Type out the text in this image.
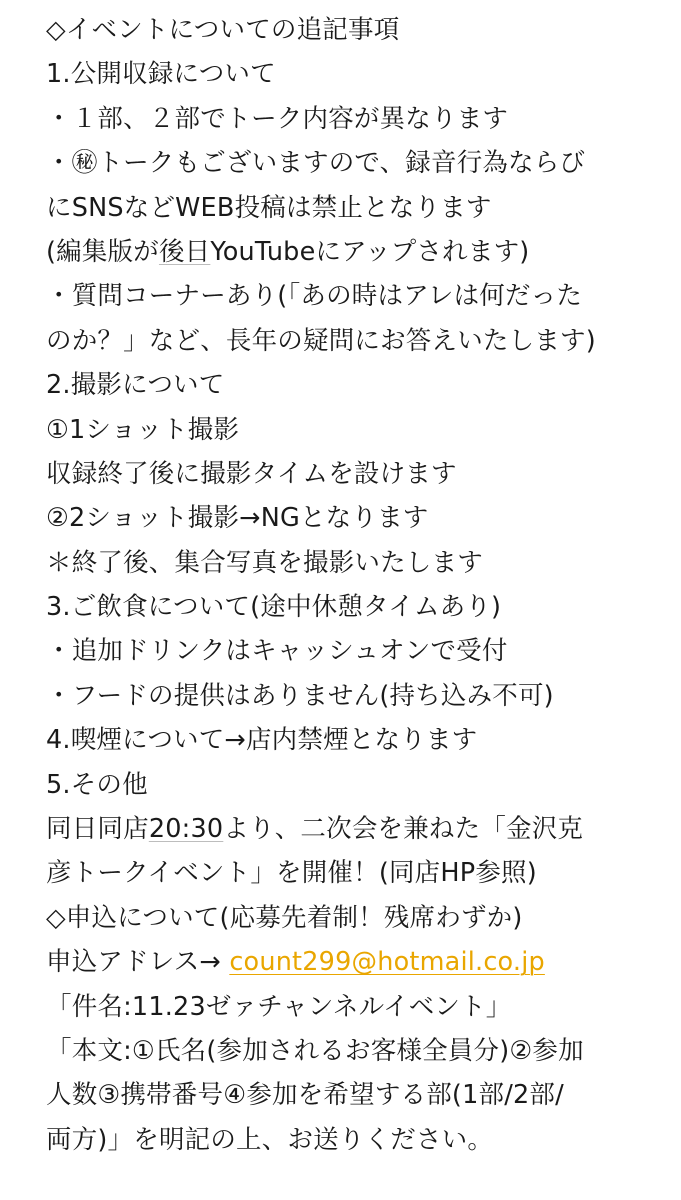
◇イベントについての追記事項
1.公開収録について
・１部、２部でトーク内容が異なります
・㊙トークもございますので、録音行為ならび
にSNSなどWEB投稿は禁止となります
(編集版が後日YouTubeにアップされます)
・質問コーナーあり(「あの時はアレは何だった
のか？」など、長年の疑問にお答えいたします)
2.撮影について
①1ショット撮影
収録終了後に撮影タイムを設けます
②2ショット撮影→NGとなります
＊終了後、集合写真を撮影いたします
3.ご飲食について(途中休憩タイムあり)
・追加ドリンクはキャッシュオンで受付
・フードの提供はありません(持ち込み不可)
4.喫煙について→店内禁煙となります
5.その他
同日同店20:30より、二次会を兼ねた「金沢克
彦トークイベント」を開催！(同店HP参照)
◇申込について(応募先着制！残席わずか)
申込アドレス→ count299@hotmail.co.jp
「件名:11.23ゼァチャンネルイベント」
「本文:①氏名(参加されるお客様全員分)②参加
人数③携帯番号④参加を希望する部(1部/2部/
両方)」を明記の上、お送りください。
